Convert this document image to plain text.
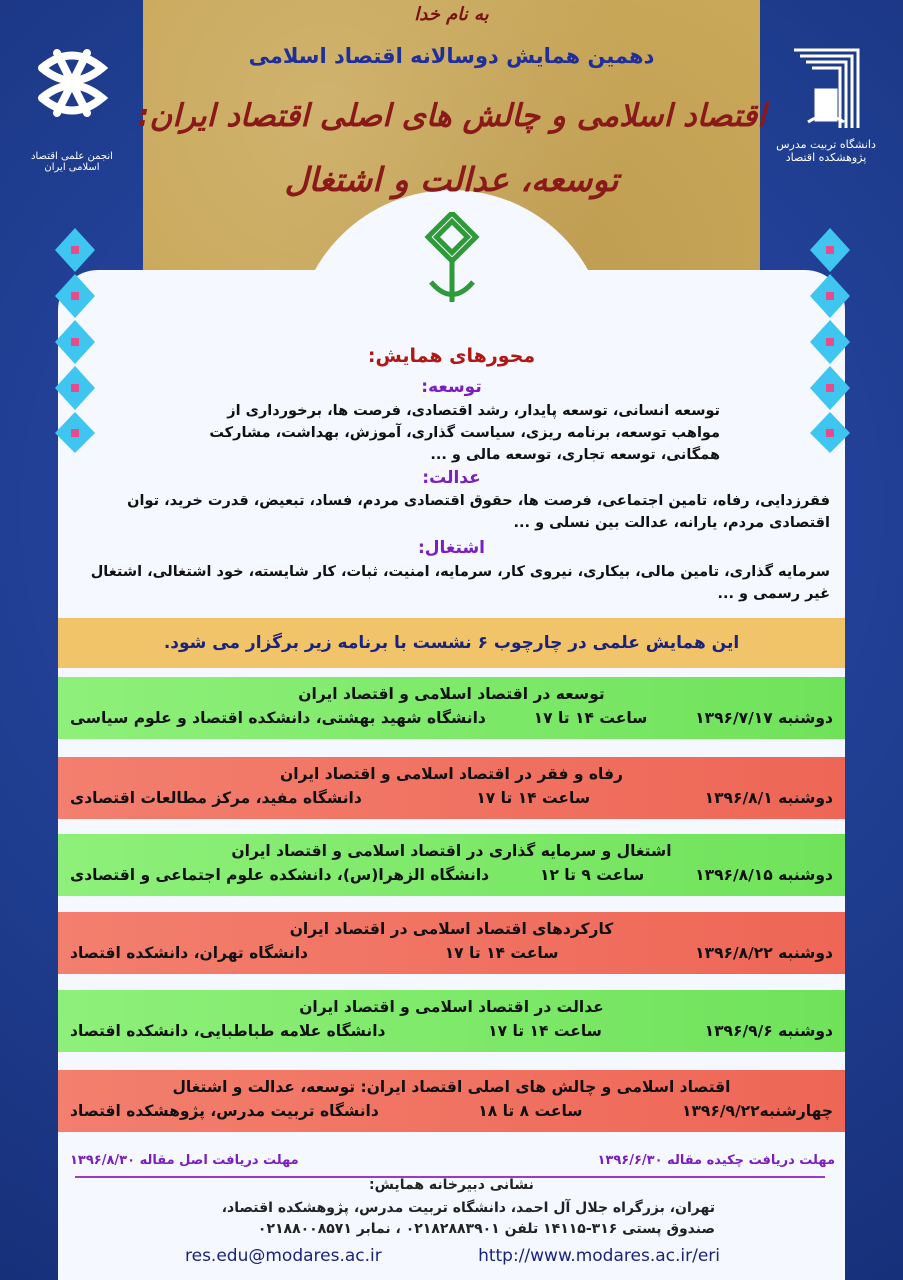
به نام خدا
دهمین همایش دوسالانه اقتصاد اسلامی
اقتصاد اسلامی و چالش های اصلی اقتصاد ایران:
توسعه، عدالت و اشتغال
انجمن علمی اقتصاد اسلامی ایران
دانشگاه تربیت مدرس
پژوهشکده اقتصاد
محورهای همایش:
توسعه:
توسعه انسانی، توسعه پایدار، رشد اقتصادی، فرصت ها، برخورداری از مواهب توسعه، برنامه ریزی، سیاست گذاری، آموزش، بهداشت، مشارکت همگانی، توسعه تجاری، توسعه مالی و ...
عدالت:
فقرزدایی، رفاه، تامین اجتماعی، فرصت ها، حقوق اقتصادی مردم، فساد، تبعیض، قدرت خرید، توان اقتصادی مردم، یارانه، عدالت بین نسلی و ...
اشتغال:
سرمایه گذاری، تامین مالی، بیکاری، نیروی کار، سرمایه، امنیت، ثبات، کار شایسته، خود اشتغالی، اشتغال غیر رسمی و ...
این همایش علمی در چارچوب ۶ نشست با برنامه زیر برگزار می شود.
توسعه در اقتصاد اسلامی و اقتصاد ایران
دوشنبه ۱۳۹۶/۷/۱۷
ساعت ۱۴ تا ۱۷
دانشگاه شهید بهشتی، دانشکده اقتصاد و علوم سیاسی
رفاه و فقر در اقتصاد اسلامی و اقتصاد ایران
دوشنبه ۱۳۹۶/۸/۱
ساعت ۱۴ تا ۱۷
دانشگاه مفید، مرکز مطالعات اقتصادی
اشتغال و سرمایه گذاری در اقتصاد اسلامی و اقتصاد ایران
دوشنبه ۱۳۹۶/۸/۱۵
ساعت ۹ تا ۱۲
دانشگاه الزهرا(س)، دانشکده علوم اجتماعی و اقتصادی
کارکردهای اقتصاد اسلامی در اقتصاد ایران
دوشنبه ۱۳۹۶/۸/۲۲
ساعت ۱۴ تا ۱۷
دانشگاه تهران، دانشکده اقتصاد
عدالت در اقتصاد اسلامی و اقتصاد ایران
دوشنبه ۱۳۹۶/۹/۶
ساعت ۱۴ تا ۱۷
دانشگاه علامه طباطبایی، دانشکده اقتصاد
اقتصاد اسلامی و چالش های اصلی اقتصاد ایران: توسعه، عدالت و اشتغال
چهارشنبه۱۳۹۶/۹/۲۲
ساعت ۸ تا ۱۸
دانشگاه تربیت مدرس، پژوهشکده اقتصاد
مهلت دریافت چکیده مقاله ۱۳۹۶/۶/۳۰
مهلت دریافت اصل مقاله ۱۳۹۶/۸/۳۰
نشانی دبیرخانه همایش:
تهران، بزرگراه جلال آل احمد، دانشگاه تربیت مدرس، پژوهشکده اقتصاد،
صندوق پستی ۳۱۶-۱۴۱۱۵ تلفن ۰۲۱۸۲۸۸۳۹۰۱ ، نمابر ۰۲۱۸۸۰۰۸۵۷۱
res.edu@modares.ac.ir	http://www.modares.ac.ir/eri
